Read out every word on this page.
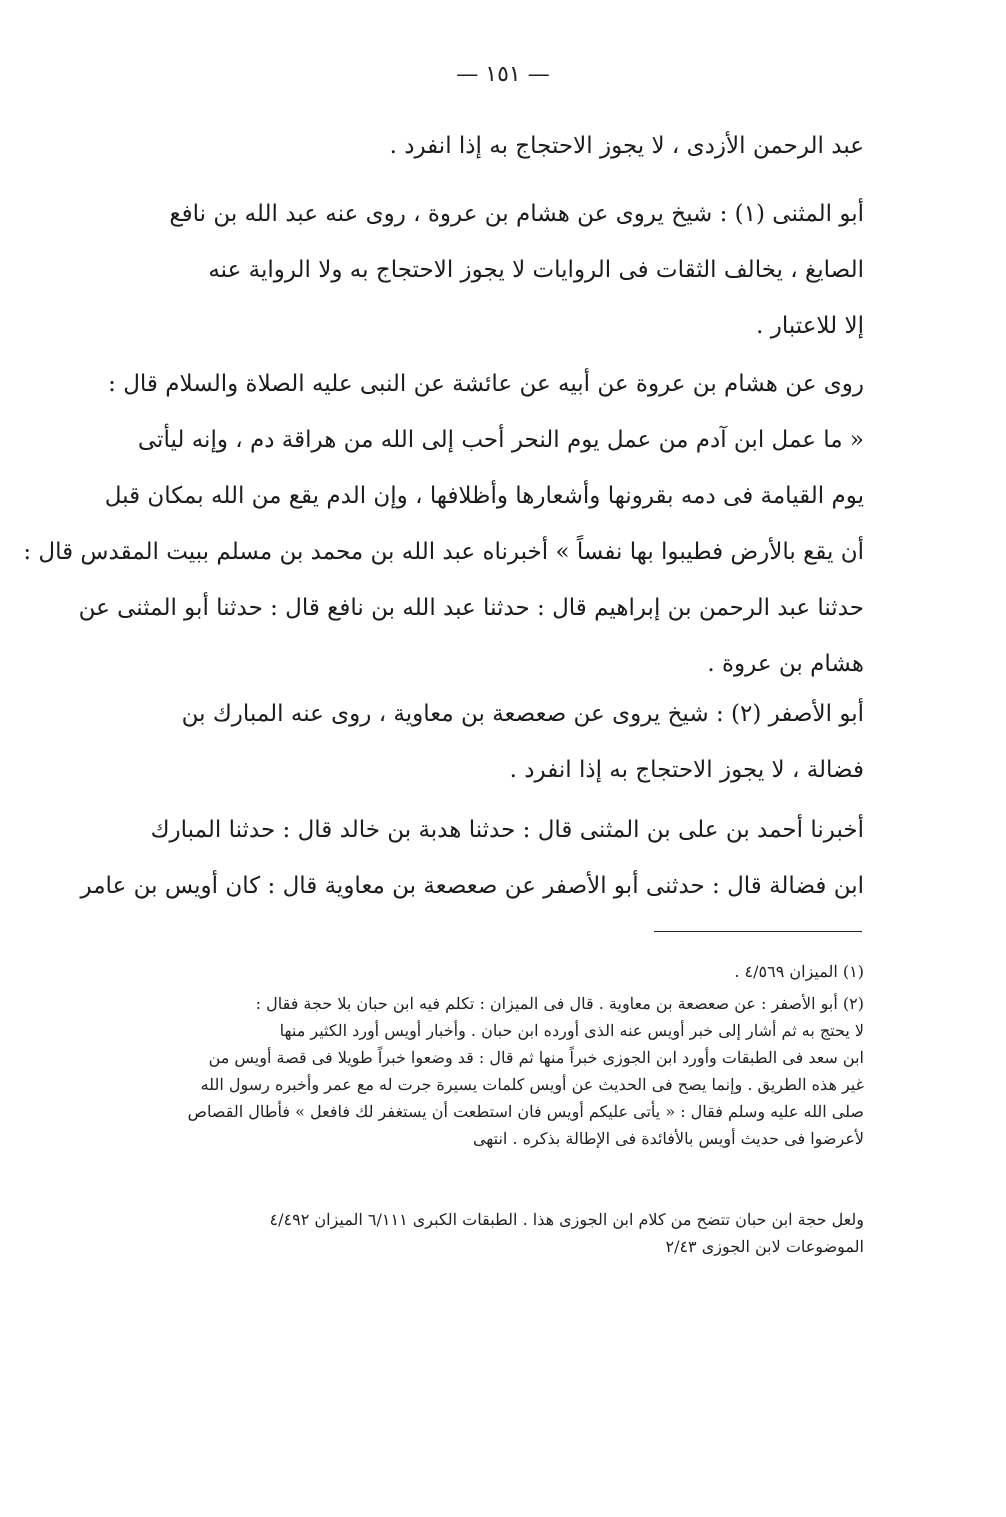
— ١٥١ —
عبد الرحمن الأزدى ، لا يجوز الاحتجاج به إذا انفرد .
أبو المثنى (١) : شيخ يروى عن هشام بن عروة ، روى عنه عبد الله بن نافع
الصايغ ، يخالف الثقات فى الروايات لا يجوز الاحتجاج به ولا الرواية عنه
إلا للاعتبار .
روى عن هشام بن عروة عن أبيه عن عائشة عن النبى عليه الصلاة والسلام قال :
« ما عمل ابن آدم من عمل يوم النحر أحب إلى الله من هراقة دم ، وإنه ليأتى
يوم القيامة فى دمه بقرونها وأشعارها وأظلافها ، وإن الدم يقع من الله بمكان قبل
أن يقع بالأرض فطيبوا بها نفساً » أخبرناه عبد الله بن محمد بن مسلم ببيت المقدس قال :
حدثنا عبد الرحمن بن إبراهيم قال : حدثنا عبد الله بن نافع قال : حدثنا أبو المثنى عن
هشام بن عروة .
أبو الأصفر (٢) : شيخ يروى عن صعصعة بن معاوية ، روى عنه المبارك بن
فضالة ، لا يجوز الاحتجاج به إذا انفرد .
أخبرنا أحمد بن على بن المثنى قال : حدثنا هدبة بن خالد قال : حدثنا المبارك
ابن فضالة قال : حدثنى أبو الأصفر عن صعصعة بن معاوية قال : كان أويس بن عامر
(١) الميزان ٤/٥٦٩ .
(٢) أبو الأصفر : عن صعصعة بن معاوية . قال فى الميزان : تكلم فيه ابن حبان بلا حجة فقال :
لا يحتج به ثم أشار إلى خبر أويس عنه الذى أورده ابن حبان . وأخبار أويس أورد الكثير منها
ابن سعد فى الطبقات وأورد ابن الجوزى خبراً منها ثم قال : قد وضعوا خبراً طويلا فى قصة أويس من
غير هذه الطريق . وإنما يصح فى الحديث عن أويس كلمات يسيرة جرت له مع عمر وأخبره رسول الله
صلى الله عليه وسلم فقال : « يأتى عليكم أويس فان استطعت أن يستغفر لك فافعل » فأطال القصاص
لأعرضوا فى حديث أويس بالأفائدة فى الإطالة بذكره . انتهى
ولعل حجة ابن حبان تتضح من كلام ابن الجوزى هذا . الطبقات الكبرى ٦/١١١ الميزان ٤/٤٩٢
الموضوعات لابن الجوزى ٢/٤٣
